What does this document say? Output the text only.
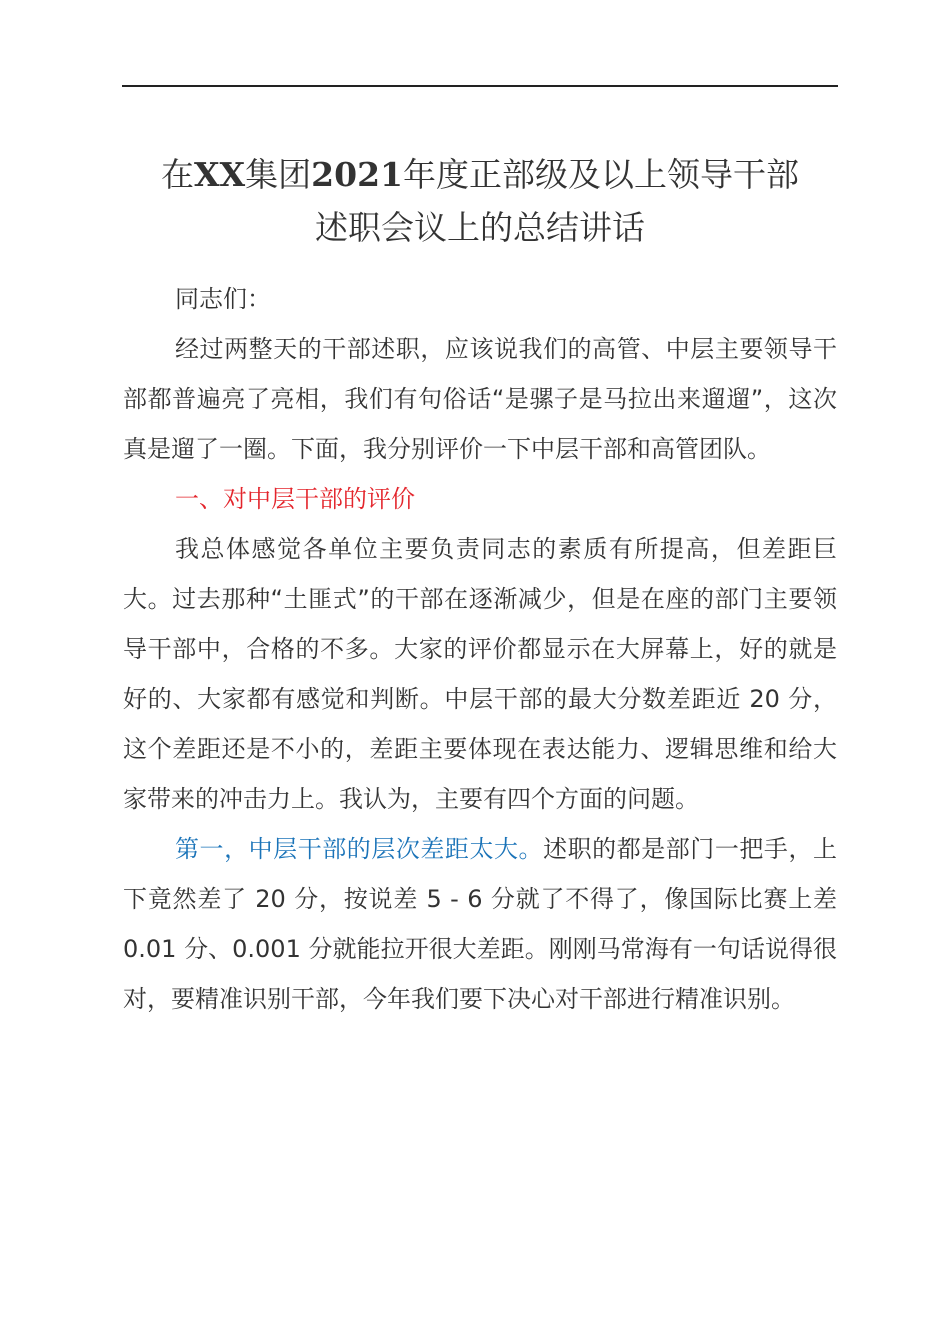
在XX集团2021年度正部级及以上领导干部
述职会议上的总结讲话

同志们：

经过两整天的干部述职，应该说我们的高管、中层主要领导干部都普遍亮了亮相，我们有句俗话“是骡子是马拉出来遛遛”，这次真是遛了一圈。下面，我分别评价一下中层干部和高管团队。

一、对中层干部的评价

我总体感觉各单位主要负责同志的素质有所提高，但差距巨大。过去那种“土匪式”的干部在逐渐减少，但是在座的部门主要领导干部中，合格的不多。大家的评价都显示在大屏幕上，好的就是好的、大家都有感觉和判断。中层干部的最大分数差距近 20 分，这个差距还是不小的，差距主要体现在表达能力、逻辑思维和给大家带来的冲击力上。我认为，主要有四个方面的问题。

第一，中层干部的层次差距太大。述职的都是部门一把手，上下竟然差了 20 分，按说差 5 - 6 分就了不得了，像国际比赛上差 0.01 分、0.001 分就能拉开很大差距。刚刚马常海有一句话说得很对，要精准识别干部，今年我们要下决心对干部进行精准识别。
